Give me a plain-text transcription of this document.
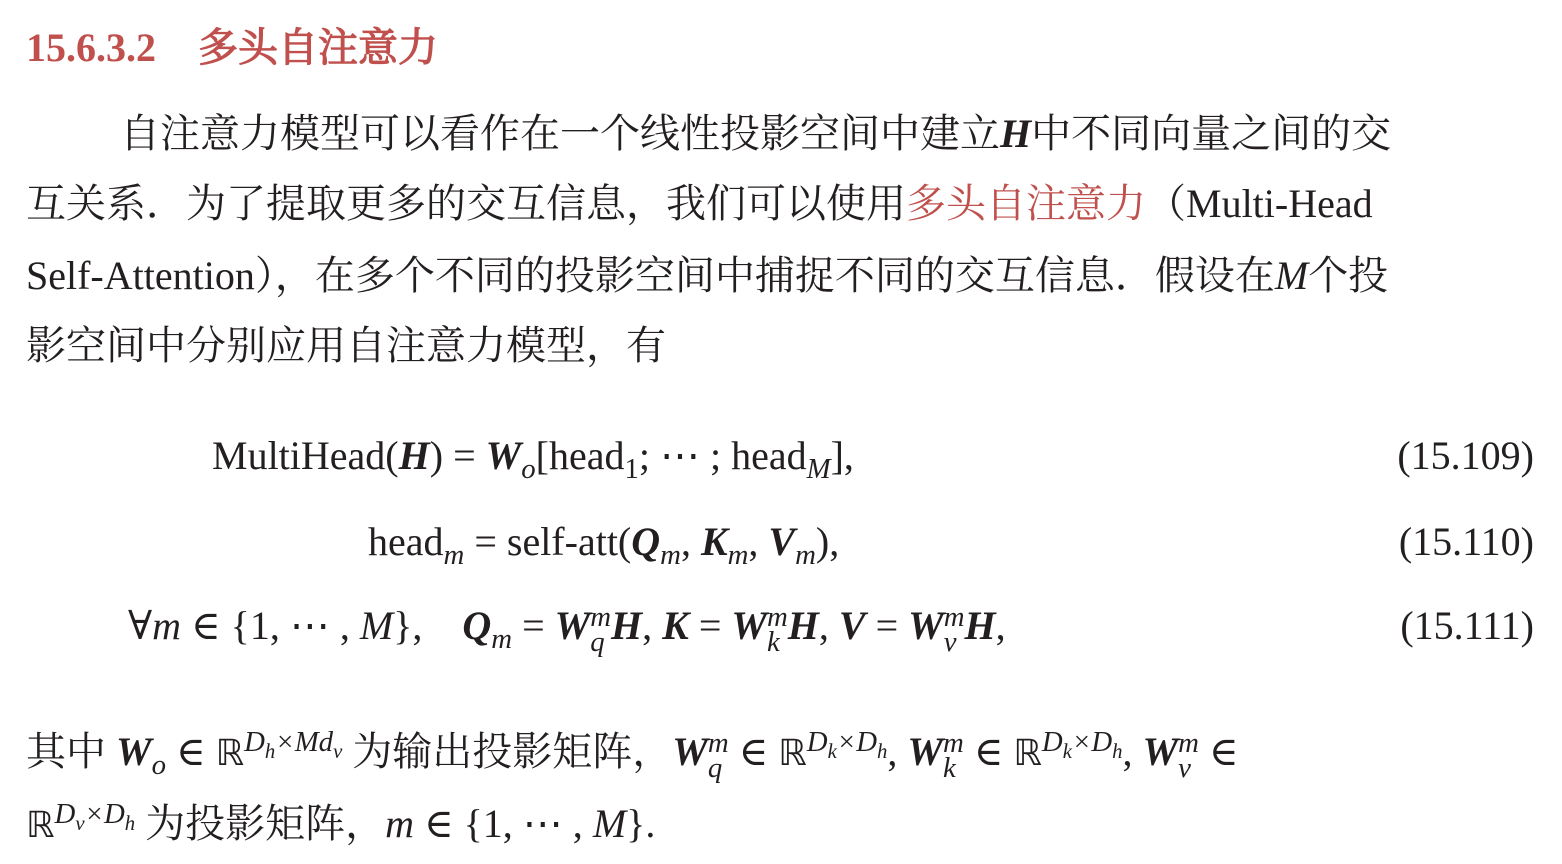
15.6.3.2 多头自注意力
自注意力模型可以看作在一个线性投影空间中建立H中不同向量之间的交
互关系．为了提取更多的交互信息，我们可以使用多头自注意力（Multi-Head
Self-Attention），在多个不同的投影空间中捕捉不同的交互信息．假设在M个投
影空间中分别应用自注意力模型，有
MultiHead(H) = $W_o[head_1$; ⋯ ; head$_M$],	(15.109)
head$_m$ = self-$att(Q_m$, $K_m$, $V_m$),	(15.110)
∀m ∈ {1, ⋯ , M},    $Q_m = W$ m
q H, K = W m
k H, V = W m
v H,	(15.111)
其中 $W_o$ ∈ ℝ$^{D_h\times Md_v}$ 为输出投影矩阵，W m
q ∈ ℝ$^{D_k\times D_h}$, W m
k ∈ ℝ$^{D_k\times D_h}$, W m
v ∈
ℝ$^{D_v\times D_h}$ 为投影矩阵，m ∈ {1, ⋯ , M}.
